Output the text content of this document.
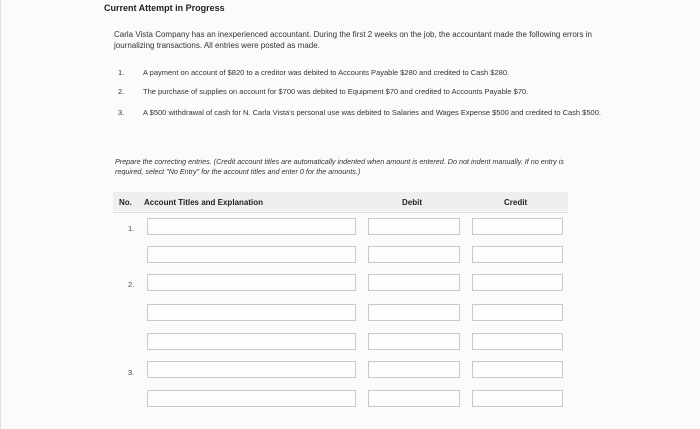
Current Attempt in Progress
Carla Vista Company has an inexperienced accountant. During the first 2 weeks on the job, the accountant made the following errors in journalizing transactions. All entries were posted as made.
1. A payment on account of $820 to a creditor was debited to Accounts Payable $280 and credited to Cash $280.
2. The purchase of supplies on account for $700 was debited to Equipment $70 and credited to Accounts Payable $70.
3. A $500 withdrawal of cash for N. Carla Vista's personal use was debited to Salaries and Wages Expense $500 and credited to Cash $500.
Prepare the correcting entries. (Credit account titles are automatically indented when amount is entered. Do not indent manually. If no entry is required, select "No Entry" for the account titles and enter 0 for the amounts.)
No. Account Titles and Explanation	Debit	Credit
1.
2.
3.
